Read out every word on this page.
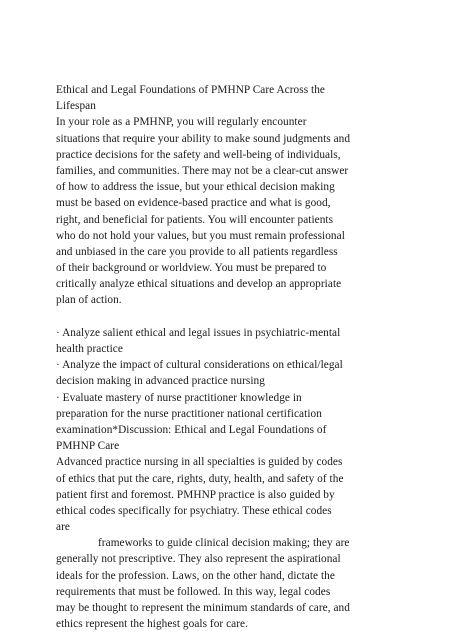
Ethical and Legal Foundations of PMHNP Care Across the
Lifespan
In your role as a PMHNP, you will regularly encounter
situations that require your ability to make sound judgments and
practice decisions for the safety and well-being of individuals,
families, and communities. There may not be a clear-cut answer
of how to address the issue, but your ethical decision making
must be based on evidence-based practice and what is good,
right, and beneficial for patients. You will encounter patients
who do not hold your values, but you must remain professional
and unbiased in the care you provide to all patients regardless
of their background or worldview. You must be prepared to
critically analyze ethical situations and develop an appropriate
plan of action.
· Analyze salient ethical and legal issues in psychiatric-mental
health practice
· Analyze the impact of cultural considerations on ethical/legal
decision making in advanced practice nursing
· Evaluate mastery of nurse practitioner knowledge in
preparation for the nurse practitioner national certification
examination*Discussion: Ethical and Legal Foundations of
PMHNP Care
Advanced practice nursing in all specialties is guided by codes
of ethics that put the care, rights, duty, health, and safety of the
patient first and foremost. PMHNP practice is also guided by
ethical codes specifically for psychiatry. These ethical codes
are
frameworks to guide clinical decision making; they are
generally not prescriptive. They also represent the aspirational
ideals for the profession. Laws, on the other hand, dictate the
requirements that must be followed. In this way, legal codes
may be thought to represent the minimum standards of care, and
ethics represent the highest goals for care.
